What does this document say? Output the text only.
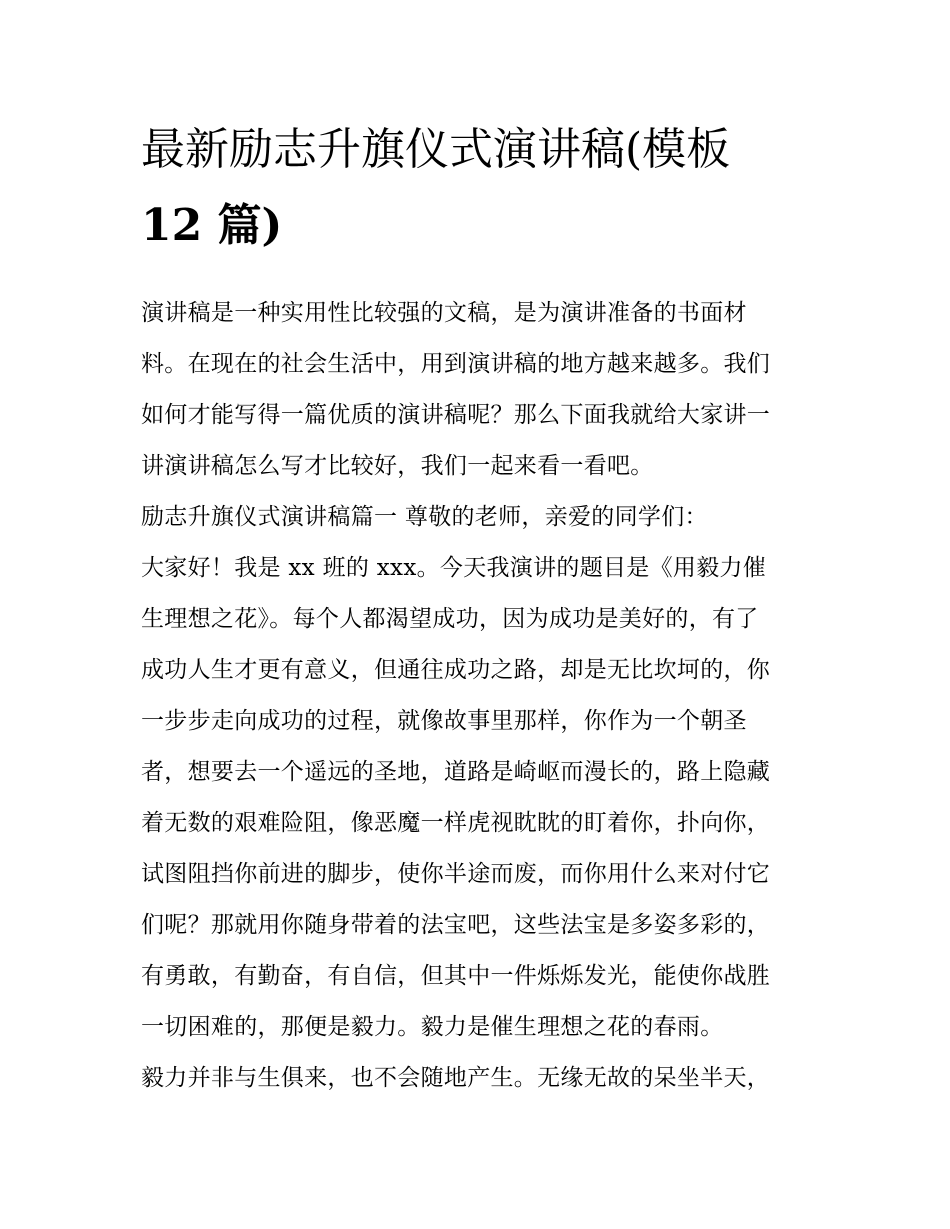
最新励志升旗仪式演讲稿(模板
12 篇)
演讲稿是一种实用性比较强的文稿，是为演讲准备的书面材
料。在现在的社会生活中，用到演讲稿的地方越来越多。我们
如何才能写得一篇优质的演讲稿呢？那么下面我就给大家讲一
讲演讲稿怎么写才比较好，我们一起来看一看吧。
励志升旗仪式演讲稿篇一 尊敬的老师，亲爱的同学们：
大家好！我是 xx 班的 xxx。今天我演讲的题目是《用毅力催
生理想之花》。每个人都渴望成功，因为成功是美好的，有了
成功人生才更有意义，但通往成功之路，却是无比坎坷的，你
一步步走向成功的过程，就像故事里那样，你作为一个朝圣
者，想要去一个遥远的圣地，道路是崎岖而漫长的，路上隐藏
着无数的艰难险阻，像恶魔一样虎视眈眈的盯着你，扑向你，
试图阻挡你前进的脚步，使你半途而废，而你用什么来对付它
们呢？那就用你随身带着的法宝吧，这些法宝是多姿多彩的，
有勇敢，有勤奋，有自信，但其中一件烁烁发光，能使你战胜
一切困难的，那便是毅力。毅力是催生理想之花的春雨。
毅力并非与生俱来，也不会随地产生。无缘无故的呆坐半天，
